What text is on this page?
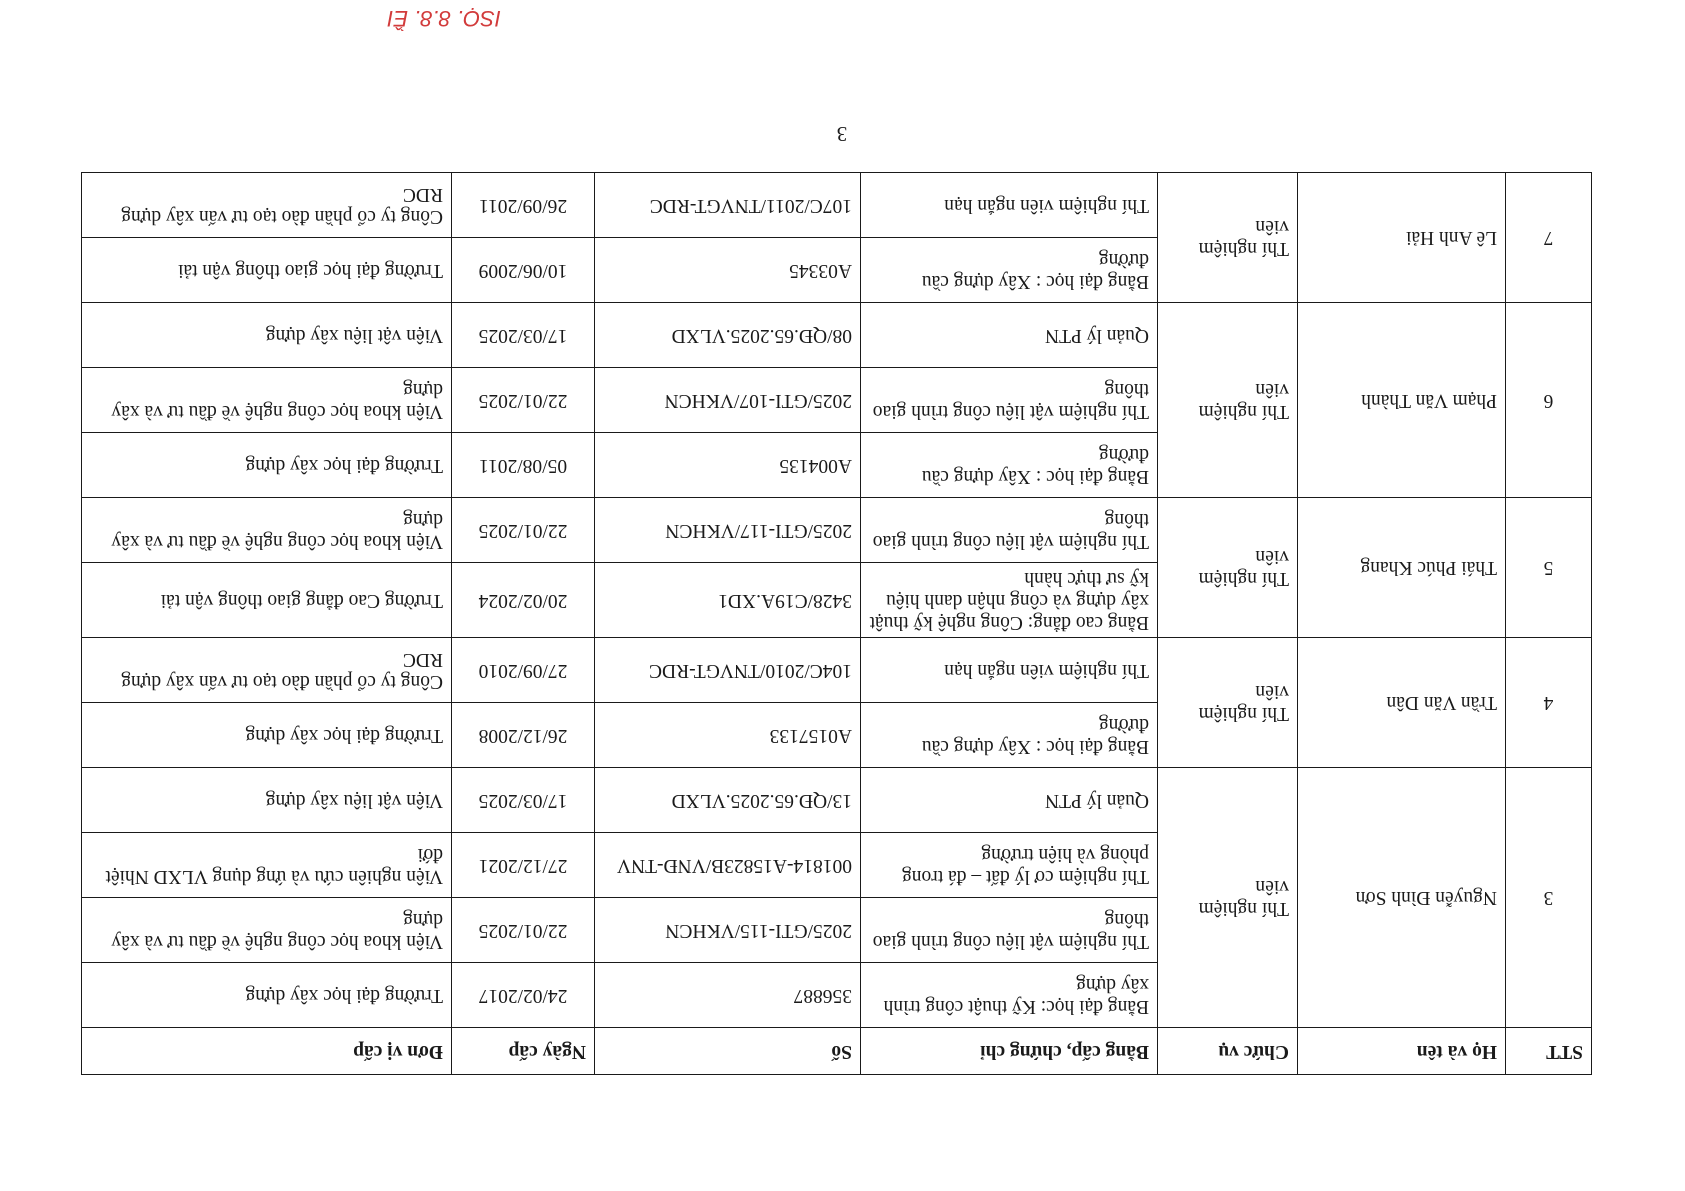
ISỌ. 8.8. ỀI
3
STT	Họ và tên	Chức vụ	Bằng cấp, chứng chỉ	Số	Ngày cấp	Đơn vị cấp
3	Nguyễn Đình Sơn	Thí nghiệm viên	Bằng đại học: Kỹ thuật công trình xây dựng	356887	24/02/2017	Trường đại học xây dựng
			Thí nghiệm vật liệu công trình giao thông	2025/GTI-115/VKHCN	22/01/2025	Viện khoa học công nghệ về đầu tư và xây dựng
			Thí nghiệm cơ lý đất – đá trong phòng và hiện trường	001814-A15823B/VNĐ-TNV	27/12/2021	Viện nghiên cứu và ứng dụng VLXD Nhiệt đới
			Quản lý PTN	13/QĐ.65.2025.VLXD	17/03/2025	Viện vật liệu xây dựng
4	Trần Văn Dân	Thí nghiệm viên	Bằng đại học : Xây dựng cầu đường	A0157133	26/12/2008	Trường đại học xây dựng
			Thí nghiệm viên ngắn hạn	104C/2010/TNVGT-RDC	27/09/2010	Công ty cổ phần đào tạo tư vấn xây dựng RDC
5	Thái Phúc Khang	Thí nghiệm viên	Bằng cao đẳng: Công nghệ kỹ thuật xây dựng và công nhận danh hiệu kỹ sư thực hành	3428/C19A.XD1	20/02/2024	Trường Cao đẳng giao thông vận tải
			Thí nghiệm vật liệu công trình giao thông	2025/GTI-117/VKHCN	22/01/2025	Viện khoa học công nghệ về đầu tư và xây dựng
6	Phạm Văn Thành	Thí nghiệm viên	Bằng đại học : Xây dựng cầu đường	A004135	05/08/2011	Trường đại học xây dựng
			Thí nghiệm vật liệu công trình giao thông	2025/GTI-107/VKHCN	22/01/2025	Viện khoa học công nghệ về đầu tư và xây dựng
			Quản lý PTN	08/QĐ.65.2025.VLXD	17/03/2025	Viện vật liệu xây dựng
7	Lê Anh Hải	Thí nghiệm viên	Bằng đại học : Xây dựng cầu đường	A03345	10/06/2009	Trường đại học giao thông vận tải
			Thí nghiệm viên ngắn hạn	107C/2011/TNVGT-RDC	26/09/2011	Công ty cổ phần đào tạo tư vấn xây dựng RDC
